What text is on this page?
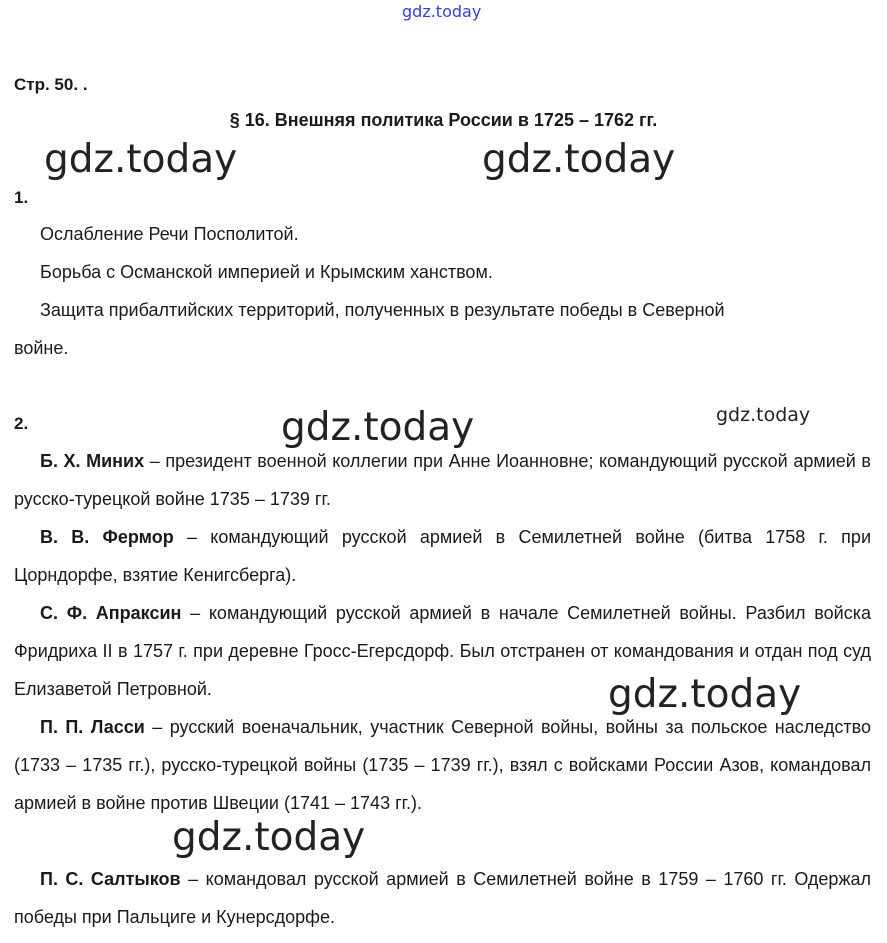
gdz.today
gdz.today	gdz.today
gdz.today	gdz.today
gdz.today
gdz.today
Стр. 50. .
§ 16. Внешняя политика России в 1725 – 1762 гг.
1.
Ослабление Речи Посполитой.
Борьба с Османской империей и Крымским ханством.
Защита прибалтийских территорий, полученных в результате победы в Северной
войне.
2.

Б. Х. Миних – президент военной коллегии при Анне Иоанновне; командующий русской армией в русско-турецкой войне 1735 – 1739 гг.

В. В. Фермор – командующий русской армией в Семилетней войне (битва 1758 г. при Цорндорфе, взятие Кенигсберга).

С. Ф. Апраксин – командующий русской армией в начале Семилетней войны. Разбил войска Фридриха II в 1757 г. при деревне Гросс-Егерсдорф. Был отстранен от командования и отдан под суд Елизаветой Петровной.

П. П. Ласси – русский военачальник, участник Северной войны, войны за польское наследство (1733 – 1735 гг.), русско-турецкой войны (1735 – 1739 гг.), взял с войсками России Азов, командовал армией в войне против Швеции (1741 – 1743 гг.).

П. С. Салтыков – командовал русской армией в Семилетней войне в 1759 – 1760 гг. Одержал победы при Пальциге и Кунерсдорфе.
